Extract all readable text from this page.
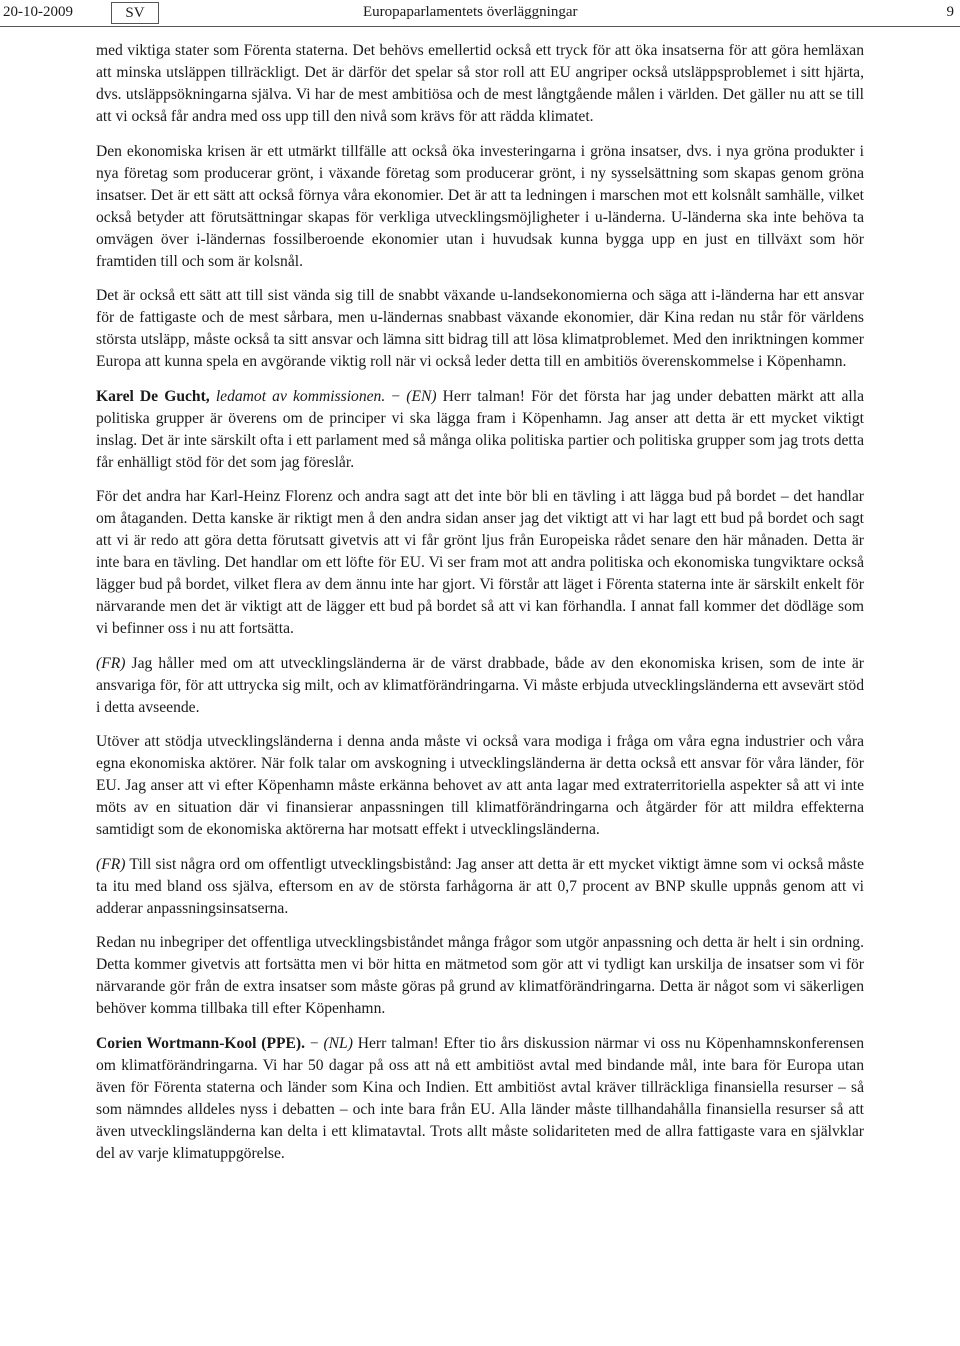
20-10-2009	SV	Europaparlamentets överläggningar	9

med viktiga stater som Förenta staterna. Det behövs emellertid också ett tryck för att öka insatserna för att göra hemläxan att minska utsläppen tillräckligt. Det är därför det spelar så stor roll att EU angriper också utsläppsproblemet i sitt hjärta, dvs. utsläppsökningarna själva. Vi har de mest ambitiösa och de mest långtgående målen i världen. Det gäller nu att se till att vi också får andra med oss upp till den nivå som krävs för att rädda klimatet.

Den ekonomiska krisen är ett utmärkt tillfälle att också öka investeringarna i gröna insatser, dvs. i nya gröna produkter i nya företag som producerar grönt, i växande företag som producerar grönt, i ny sysselsättning som skapas genom gröna insatser. Det är ett sätt att också förnya våra ekonomier. Det är att ta ledningen i marschen mot ett kolsnålt samhälle, vilket också betyder att förutsättningar skapas för verkliga utvecklingsmöjligheter i u-länderna. U-länderna ska inte behöva ta omvägen över i-ländernas fossilberoende ekonomier utan i huvudsak kunna bygga upp en just en tillväxt som hör framtiden till och som är kolsnål.

Det är också ett sätt att till sist vända sig till de snabbt växande u-landsekonomierna och säga att i-länderna har ett ansvar för de fattigaste och de mest sårbara, men u-ländernas snabbast växande ekonomier, där Kina redan nu står för världens största utsläpp, måste också ta sitt ansvar och lämna sitt bidrag till att lösa klimatproblemet. Med den inriktningen kommer Europa att kunna spela en avgörande viktig roll när vi också leder detta till en ambitiös överenskommelse i Köpenhamn.

Karel De Gucht, ledamot av kommissionen. − (EN) Herr talman! För det första har jag under debatten märkt att alla politiska grupper är överens om de principer vi ska lägga fram i Köpenhamn. Jag anser att detta är ett mycket viktigt inslag. Det är inte särskilt ofta i ett parlament med så många olika politiska partier och politiska grupper som jag trots detta får enhälligt stöd för det som jag föreslår.

För det andra har Karl-Heinz Florenz och andra sagt att det inte bör bli en tävling i att lägga bud på bordet – det handlar om åtaganden. Detta kanske är riktigt men å den andra sidan anser jag det viktigt att vi har lagt ett bud på bordet och sagt att vi är redo att göra detta förutsatt givetvis att vi får grönt ljus från Europeiska rådet senare den här månaden. Detta är inte bara en tävling. Det handlar om ett löfte för EU. Vi ser fram mot att andra politiska och ekonomiska tungviktare också lägger bud på bordet, vilket flera av dem ännu inte har gjort. Vi förstår att läget i Förenta staterna inte är särskilt enkelt för närvarande men det är viktigt att de lägger ett bud på bordet så att vi kan förhandla. I annat fall kommer det dödläge som vi befinner oss i nu att fortsätta.

(FR) Jag håller med om att utvecklingsländerna är de värst drabbade, både av den ekonomiska krisen, som de inte är ansvariga för, för att uttrycka sig milt, och av klimatförändringarna. Vi måste erbjuda utvecklingsländerna ett avsevärt stöd i detta avseende.

Utöver att stödja utvecklingsländerna i denna anda måste vi också vara modiga i fråga om våra egna industrier och våra egna ekonomiska aktörer. När folk talar om avskogning i utvecklingsländerna är detta också ett ansvar för våra länder, för EU. Jag anser att vi efter Köpenhamn måste erkänna behovet av att anta lagar med extraterritoriella aspekter så att vi inte möts av en situation där vi finansierar anpassningen till klimatförändringarna och åtgärder för att mildra effekterna samtidigt som de ekonomiska aktörerna har motsatt effekt i utvecklingsländerna.

(FR) Till sist några ord om offentligt utvecklingsbistånd: Jag anser att detta är ett mycket viktigt ämne som vi också måste ta itu med bland oss själva, eftersom en av de största farhågorna är att 0,7 procent av BNP skulle uppnås genom att vi adderar anpassningsinsatserna.

Redan nu inbegriper det offentliga utvecklingsbiståndet många frågor som utgör anpassning och detta är helt i sin ordning. Detta kommer givetvis att fortsätta men vi bör hitta en mätmetod som gör att vi tydligt kan urskilja de insatser som vi för närvarande gör från de extra insatser som måste göras på grund av klimatförändringarna. Detta är något som vi säkerligen behöver komma tillbaka till efter Köpenhamn.

Corien Wortmann-Kool (PPE). − (NL) Herr talman! Efter tio års diskussion närmar vi oss nu Köpenhamnskonferensen om klimatförändringarna. Vi har 50 dagar på oss att nå ett ambitiöst avtal med bindande mål, inte bara för Europa utan även för Förenta staterna och länder som Kina och Indien. Ett ambitiöst avtal kräver tillräckliga finansiella resurser – så som nämndes alldeles nyss i debatten – och inte bara från EU. Alla länder måste tillhandahålla finansiella resurser så att även utvecklingsländerna kan delta i ett klimatavtal. Trots allt måste solidariteten med de allra fattigaste vara en självklar del av varje klimatuppgörelse.
